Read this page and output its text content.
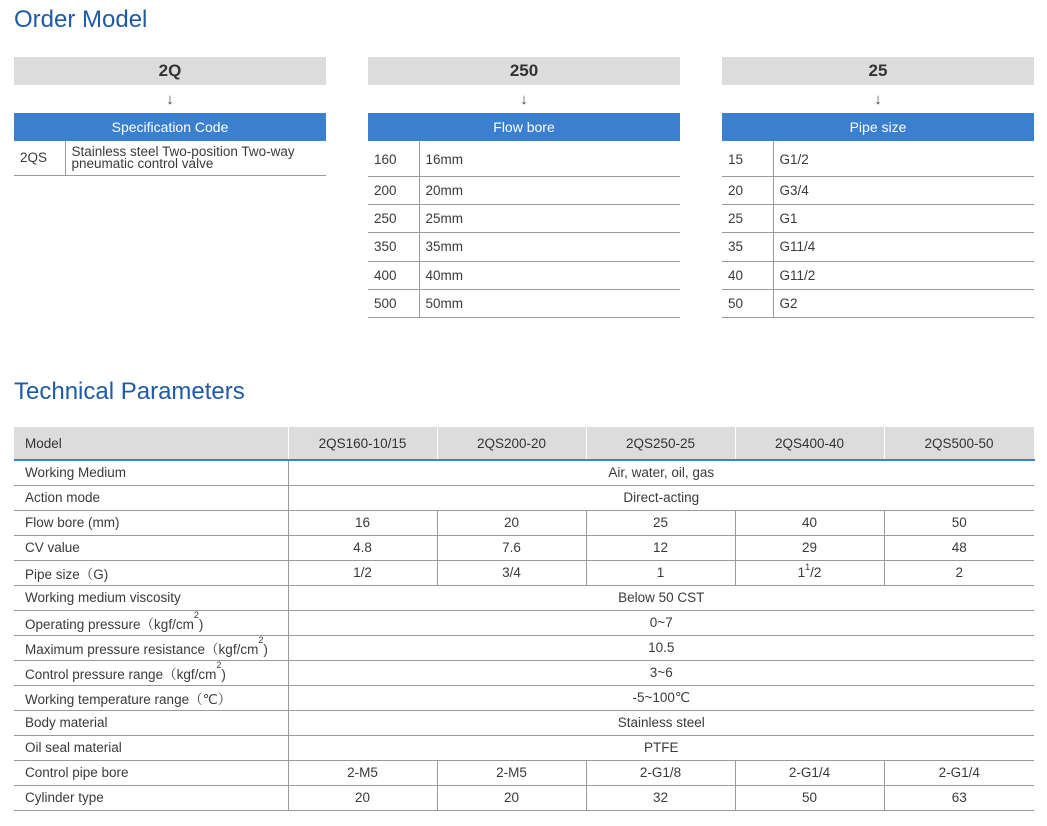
Order Model
2Q
↓
Specification Code
2QS	Stainless steel Two-position Two-way
pneumatic control valve
250
↓
Flow bore
160	16mm
200	20mm
250	25mm
350	35mm
400	40mm
500	50mm
25
↓
Pipe size
15	G1/2
20	G3/4
25	G1
35	G11/4
40	G11/2
50	G2
Technical Parameters
Model	2QS160-10/15	2QS200-20	2QS250-25	2QS400-40	2QS500-50
Working Medium	Air, water, oil, gas				
Action mode	Direct-acting				
Flow bore (mm)	16	20	25	40	50
CV value	4.8	7.6	12	29	48
Pipe size（G)	1/2	3/4	1	$1^1/2$	2
Working medium viscosity	Below 50 CST				
Operating $pressure(kgf/cm^2)$	0~7				
Maximum pressure $resistance(kgf/cm^2)$	10.5				
Control pressure $range(kgf/cm^2)$	3~6				
Working temperature range（℃）	-5~100℃				
Body material	Stainless steel				
Oil seal material	PTFE				
Control pipe bore	2-M5	2-M5	2-G1/8	2-G1/4	2-G1/4
Cylinder type	20	20	32	50	63
